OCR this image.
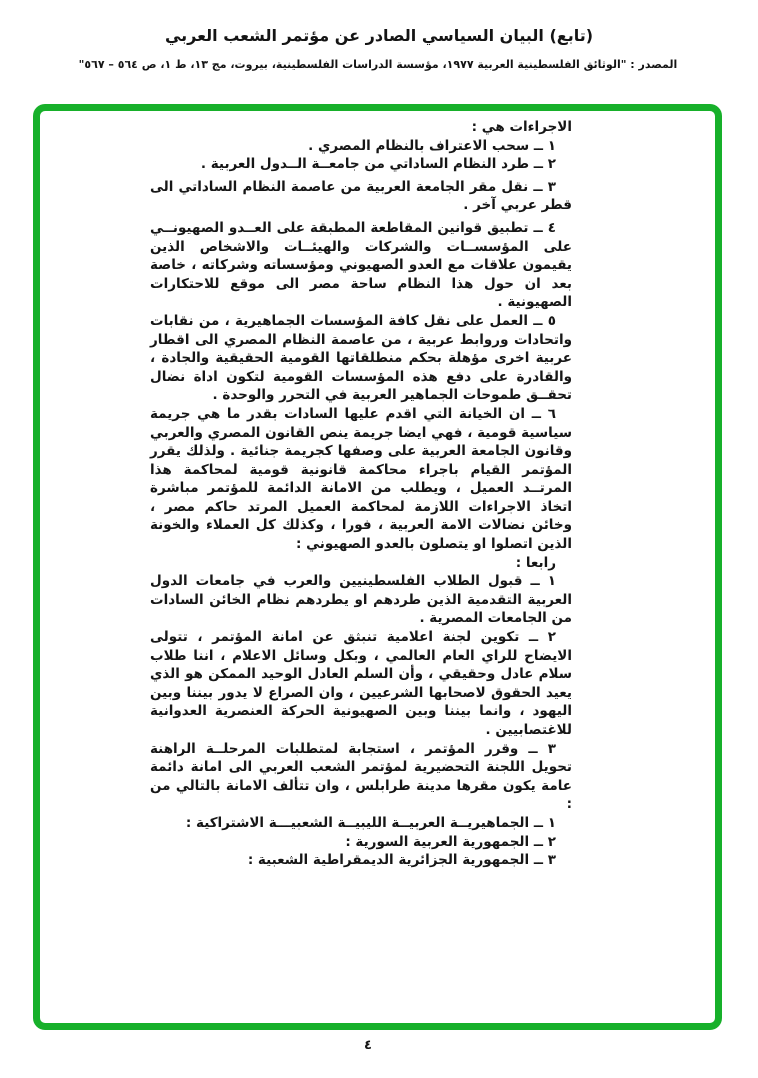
(تابع) البيان السياسي الصادر عن مؤتمر الشعب العربي
المصدر : "الوثائق الفلسطينية العربية ١٩٧٧، مؤسسة الدراسات الفلسطينية، بيروت، مج ١٣، ط ١، ص ٥٦٤ – ٥٦٧"

الاجراءات هي :

١ ــ سحب الاعتراف بالنظام المصري .

٢ ــ طرد النظام الساداتي من جامعــة الــدول العربية .

٣ ــ نقل مقر الجامعة العربية من عاصمة النظام الساداتي الى قطر عربي آخر .

٤ ــ تطبيق قوانين المقاطعة المطبقة على العــدو الصهيونــي على المؤسســات والشركات والهيئــات والاشخاص الذين يقيمون علاقات مع العدو الصهيوني ومؤسساته وشركاته ، خاصة بعد ان حول هذا النظام ساحة مصر الى موقع للاحتكارات الصهيونية .

٥ ــ العمل على نقل كافة المؤسسات الجماهيرية ، من نقابات واتحادات وروابط عربية ، من عاصمة النظام المصري الى اقطار عربية اخرى مؤهلة بحكم منطلقاتها القومية الحقيقية والجادة ، والقادرة على دفع هذه المؤسسات القومية لتكون اداة نضال تحقــق طموحات الجماهير العربية في التحرر والوحدة .

٦ ــ ان الخيانة التي اقدم عليها السادات بقدر ما هي جريمة سياسية قومية ، فهي ايضا جريمة ينص القانون المصري والعربي وقانون الجامعة العربية على وصفها كجريمة جنائية . ولذلك يقرر المؤتمر القيام باجراء محاكمة قانونية قومية لمحاكمة هذا المرتــد العميل ، ويطلب من الامانة الدائمة للمؤتمر مباشرة اتخاذ الاجراءات اللازمة لمحاكمة العميل المرتد حاكم مصر ، وخائن نضالات الامة العربية ، فورا ، وكذلك كل العملاء والخونة الذين اتصلوا او يتصلون بالعدو الصهيوني :

رابعا :

١ ــ قبول الطلاب الفلسطينيين والعرب في جامعات الدول العربية التقدمية الذين طردهم او يطردهم نظام الخائن السادات من الجامعات المصرية .

٢ ــ تكوين لجنة اعلامية تنبثق عن امانة المؤتمر ، تتولى الايضاح للراي العام العالمي ، وبكل وسائل الاعلام ، اننا طلاب سلام عادل وحقيقي ، وأن السلم العادل الوحيد الممكن هو الذي يعيد الحقوق لاصحابها الشرعيين ، وان الصراع لا يدور بيننا وبين اليهود ، وانما بيننا وبين الصهيونية الحركة العنصرية العدوانية للاغتصابيين .

٣ ــ وقرر المؤتمر ، استجابة لمتطلبات المرحلــة الراهنة تحويل اللجنة التحضيرية لمؤتمر الشعب العربي الى امانة دائمة عامة يكون مقرها مدينة طرابلس ، وان تتألف الامانة بالتالي من :

١ ــ الجماهيريــة العربيــة الليبيــة الشعبيـــة الاشتراكية :

٢ ــ الجمهورية العربية السورية :

٣ ــ الجمهورية الجزائرية الديمقراطية الشعبية :

٤
